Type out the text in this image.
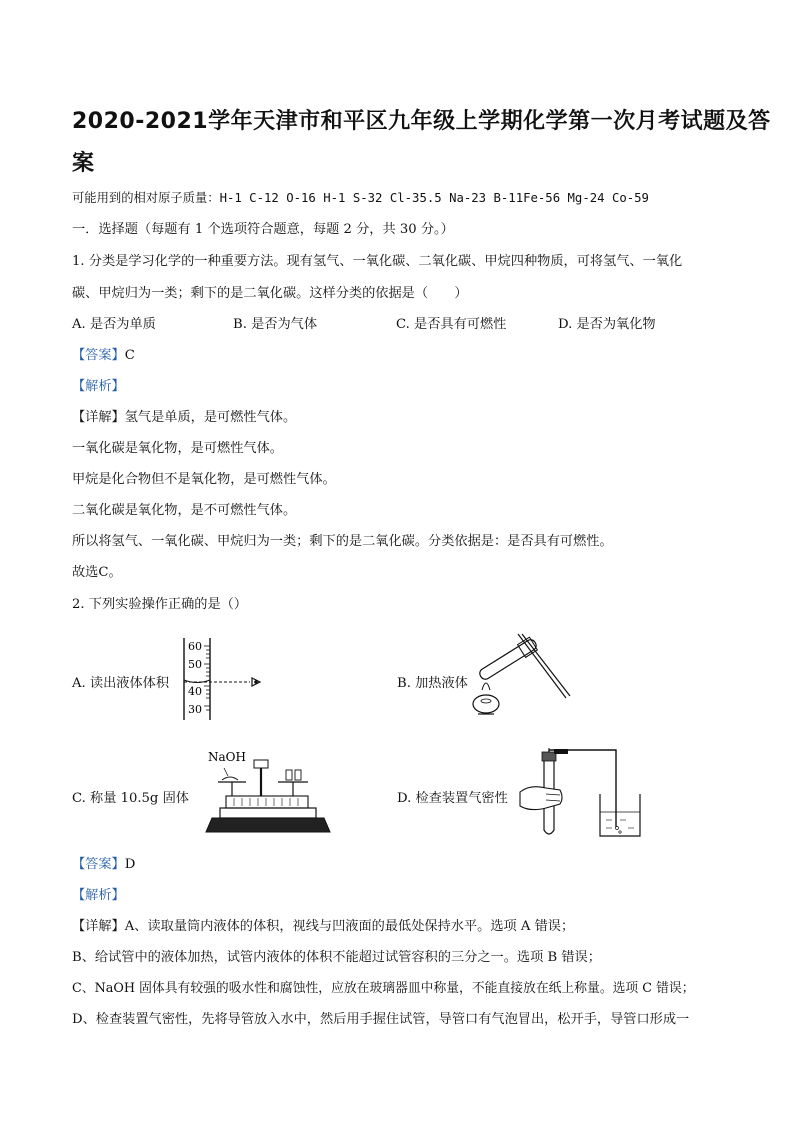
2020-2021学年天津市和平区九年级上学期化学第一次月考试题及答
案
可能用到的相对原子质量：H-1 C-12 O-16 H-1 S-32 Cl-35.5 Na-23 B-11Fe-56 Mg-24 Co-59
一．选择题（每题有 1 个选项符合题意，每题 2 分，共 30 分。）
1. 分类是学习化学的一种重要方法。现有氢气、一氧化碳、二氧化碳、甲烷四种物质，可将氢气、一氧化
碳、甲烷归为一类；剩下的是二氧化碳。这样分类的依据是（　　）
A. 是否为单质	B. 是否为气体	C. 是否具有可燃性	D. 是否为氧化物
【答案】C
【解析】
【详解】氢气是单质，是可燃性气体。
一氧化碳是氧化物，是可燃性气体。
甲烷是化合物但不是氧化物，是可燃性气体。
二氧化碳是氧化物，是不可燃性气体。
所以将氢气、一氧化碳、甲烷归为一类；剩下的是二氧化碳。分类依据是：是否具有可燃性。
故选C。
2. 下列实验操作正确的是（）
A. 读出液体体积
60
50
40
30
B. 加热液体
C. 称量 10.5g 固体
NaOH
D. 检查装置气密性
【答案】D
【解析】
【详解】A、读取量筒内液体的体积，视线与凹液面的最低处保持水平。选项 A 错误；
B、给试管中的液体加热，试管内液体的体积不能超过试管容积的三分之一。选项 B 错误；
C、NaOH 固体具有较强的吸水性和腐蚀性，应放在玻璃器皿中称量，不能直接放在纸上称量。选项 C 错误；
D、检查装置气密性，先将导管放入水中，然后用手握住试管，导管口有气泡冒出，松开手，导管口形成一
